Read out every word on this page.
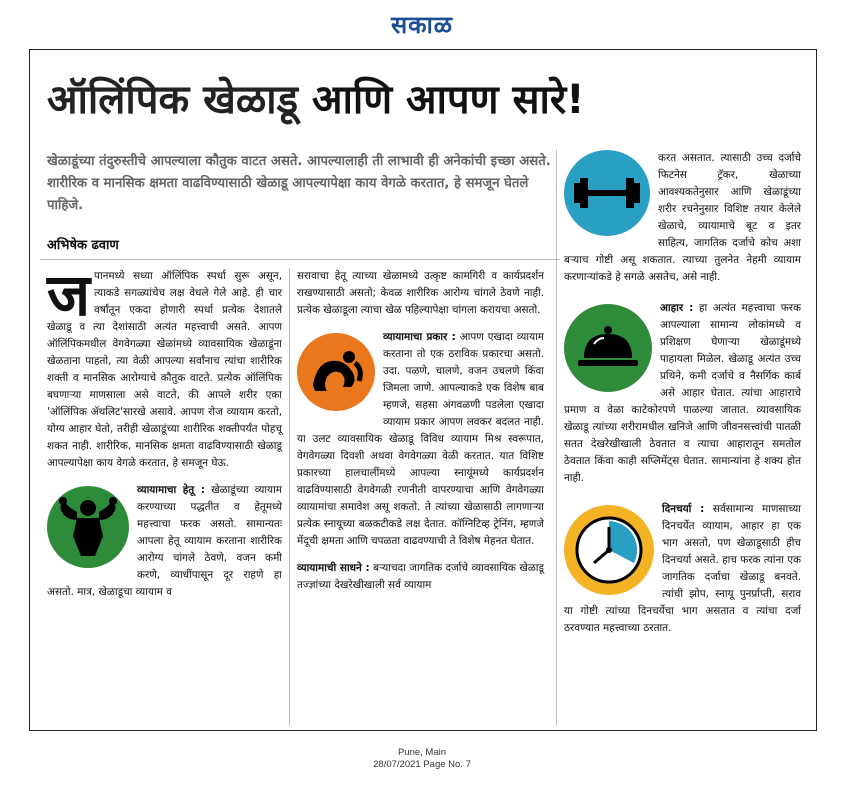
सकाळ
ऑलिंपिक खेळाडू आणि आपण सारे!
खेळाडूंच्या तंदुरुस्तीचे आपल्याला कौतुक वाटत असते. आपल्यालाही ती लाभावी ही अनेकांची इच्छा असते. शारीरिक व मानसिक क्षमता वाढविण्यासाठी खेळाडू आपल्यापेक्षा काय वेगळे करतात, हे समजून घेतले पाहिजे.
अभिषेक ढवाण
ज पानमध्ये सध्या ऑलिंपिक स्पर्धा सुरू असून, त्याकडे सगळ्यांचेच लक्ष वेधले गेले आहे. ही चार वर्षांतून एकदा होणारी स्पर्धा प्रत्येक देशातले खेळाडू व त्या देशांसाठी अत्यंत महत्त्वाची असते. आपण ऑलिंपिकमधील वेगवेगळ्या खेळांमध्ये व्यावसायिक खेळाडूंना खेळताना पाहतो, त्या वेळी आपल्या सर्वांनाच त्यांचा शारीरिक शक्ती व मानसिक आरोग्याचे कौतुक वाटते. प्रत्येक ऑलिंपिक बघणाऱ्या माणसाला असे वाटते, की आपले शरीर एका 'ऑलिंपिक ॲथलिट'सारखे असावे. आपण रोज व्यायाम करतो, योग्य आहार घेतो, तरीही खेळाडूंच्या शारीरिक शक्तीपर्यंत पोहचू शकत नाही. शारीरिक, मानसिक क्षमता वाढविण्यासाठी खेळाडू आपल्यापेक्षा काय वेगळे करतात, हे समजून घेऊ.

व्यायामाचा हेतू : खेळाडूंच्या व्यायाम करण्याच्या पद्धतीत व हेतूमध्ये महत्त्वाचा फरक असतो. सामान्यतः आपला हेतू व्यायाम करताना शारीरिक आरोग्य चांगले ठेवणे, वजन कमी करणे, व्याधींपासून दूर राहणे हा असतो. मात्र, खेळाडूचा व्यायाम व

सरावाचा हेतू त्याच्या खेळामध्ये उत्कृष्ट कामगिरी व कार्यप्रदर्शन राखण्यासाठी असतो; केवळ शारीरिक आरोग्य चांगले ठेवणे नाही. प्रत्येक खेळाडूला त्याचा खेळ पहिल्यापेक्षा चांगला करायचा असतो.

व्यायामाचा प्रकार : आपण एखादा व्यायाम करताना तो एक ठराविक प्रकारचा असतो. उदा. पळणे, चालणे, वजन उचलणे किंवा जिमला जाणे. आपल्याकडे एक विशेष बाब म्हणजे, सहसा अंगवळणी पडलेला एखादा व्यायाम प्रकार आपण लवकर बदलत नाही. या उलट व्यावसायिक खेळाडू विविध व्यायाम मिश्र स्वरूपात, वेगवेगळ्या दिवशी अथवा वेगवेगळ्या वेळी करतात. यात विशिष्ट प्रकारच्या हालचालींमध्ये आपल्या स्नायूंमध्ये कार्यप्रदर्शन वाढविण्यासाठी वेगवेगळी रणनीती वापरण्याचा आणि वेगवेगळ्या व्यायामांचा समावेश असू शकतो. ते त्यांच्या खेळासाठी लागणाऱ्या प्रत्येक स्नायूच्या बळकटीकडे लक्ष देतात. कॉग्निटिव्ह ट्रेनिंग, म्हणजे मेंदूची क्षमता आणि चपळता वाढवण्याची ते विशेष मेहनत घेतात.

व्यायामाची साधने : बऱ्याचदा जागतिक दर्जाचे व्यावसायिक खेळाडू तज्ज्ञांच्या देखरेखीखाली सर्व व्यायाम

करत असतात. त्यासाठी उच्च दर्जाचे फिटनेस ट्रॅकर, खेळाच्या आवश्यकतेनुसार आणि खेळाडूंच्या शरीर रचनेनुसार विशिष्ट तयार केलेले खेळाचे, व्यायामाचे बूट व इतर साहित्य, जागतिक दर्जाचे कोच अशा बऱ्याच गोष्टी असू शकतात. त्याच्या तुलनेत नेहमी व्यायाम करणाऱ्यांकडे हे सगळे असतेच, असे नाही.

आहार : हा अत्यंत महत्त्वाचा फरक आपल्याला सामान्य लोकांमध्ये व प्रशिक्षण घेणाऱ्या खेळाडूंमध्ये पाहायला मिळेल. खेळाडू अत्यंत उच्च प्रथिने, कमी दर्जाचे व नैसर्गिक कार्ब असे आहार घेतात. त्यांचा आहाराचे प्रमाण व वेळा काटेकोरपणे पाळल्या जातात. व्यावसायिक खेळाडू त्यांच्या शरीरामधील खनिजे आणि जीवनसत्त्वांची पातळी सतत देखरेखीखाली ठेवतात व त्याचा आहारातून समतोल ठेवतात किंवा काही सप्लिमेंट्स घेतात. सामान्यांना हे शक्य होत नाही.

दिनचर्या : सर्वसामान्य माणसाच्या दिनचर्येत व्यायाम, आहार हा एक भाग असतो, पण खेळाडूसाठी हीच दिनचर्या असते. हाच फरक त्यांना एक जागतिक दर्जाचा खेळाडू बनवते. त्यांची झोप, स्नायू पुनर्प्राप्ती, सराव या गोष्टी त्यांच्या दिनचर्येचा भाग असतात व त्यांचा दर्जा ठरवण्यात महत्त्वाच्या ठरतात.

Pune, Main
28/07/2021 Page No. 7
